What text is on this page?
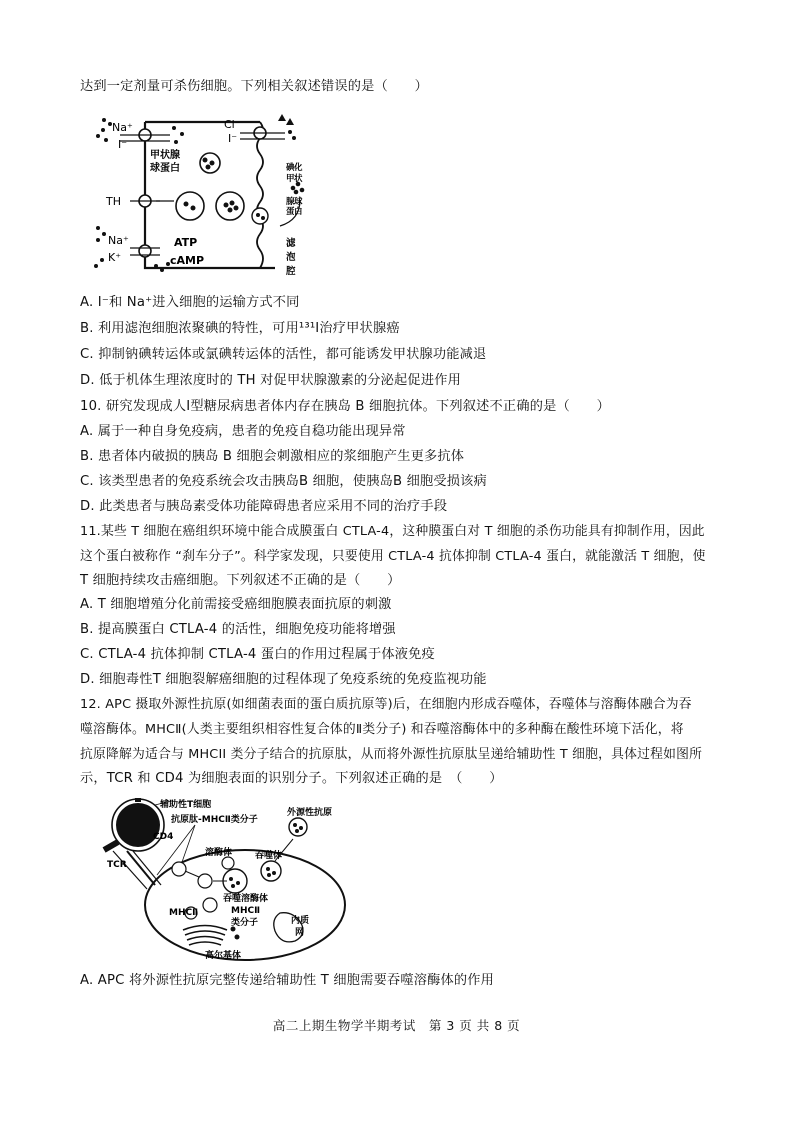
达到一定剂量可杀伤细胞。下列相关叙述错误的是（　　）
Na⁺
I⁻
Cl⁻
I⁻
甲状腺
球蛋白
TH
Na⁺
K⁺
ATP
cAMP
碘 化
甲 状
腺 球
蛋 白
滤
泡
腔
A. I⁻和 Na⁺进入细胞的运输方式不同
B. 利用滤泡细胞浓聚碘的特性，可用¹³¹I治疗甲状腺癌
C. 抑制钠碘转运体或氯碘转运体的活性，都可能诱发甲状腺功能减退
D. 低于机体生理浓度时的 TH 对促甲状腺激素的分泌起促进作用
10. 研究发现成人Ⅰ型糖尿病患者体内存在胰岛 B 细胞抗体。下列叙述不正确的是（　　）
A. 属于一种自身免疫病，患者的免疫自稳功能出现异常
B. 患者体内破损的胰岛 B 细胞会刺激相应的浆细胞产生更多抗体
C. 该类型患者的免疫系统会攻击胰岛B 细胞，使胰岛B 细胞受损该病
D. 此类患者与胰岛素受体功能障碍患者应采用不同的治疗手段
11.某些 T 细胞在癌组织环境中能合成膜蛋白 CTLA-4，这种膜蛋白对 T 细胞的杀伤功能具有抑制作用，因此
这个蛋白被称作 “刹车分子”。科学家发现，只要使用 CTLA-4 抗体抑制 CTLA-4 蛋白，就能激活 T 细胞，使
T 细胞持续攻击癌细胞。下列叙述不正确的是（　　）
A. T 细胞增殖分化前需接受癌细胞膜表面抗原的刺激
B. 提高膜蛋白 CTLA-4 的活性，细胞免疫功能将增强
C. CTLA-4 抗体抑制 CTLA-4 蛋白的作用过程属于体液免疫
D. 细胞毒性T 细胞裂解癌细胞的过程体现了免疫系统的免疫监视功能
12. APC 摄取外源性抗原(如细菌表面的蛋白质抗原等)后，在细胞内形成吞噬体，吞噬体与溶酶体融合为吞
噬溶酶体。MHCⅡ(人类主要组织相容性复合体的Ⅱ类分子) 和吞噬溶酶体中的多种酶在酸性环境下活化，将
抗原降解为适合与 MHCII 类分子结合的抗原肽，从而将外源性抗原肽呈递给辅助性 T 细胞，具体过程如图所
示，TCR 和 CD4 为细胞表面的识别分子。下列叙述正确的是　（　　）
辅助性T细胞
抗原肽-MHCⅡ类分子
外源性抗原
CD4
TCR
溶酶体	吞噬体
吞噬溶酶体
MHCⅡ	MHCⅡ
类分子	内质
网
高尔基体
A. APC 将外源性抗原完整传递给辅助性 T 细胞需要吞噬溶酶体的作用
高二上期生物学半期考试　第 3 页 共 8 页
